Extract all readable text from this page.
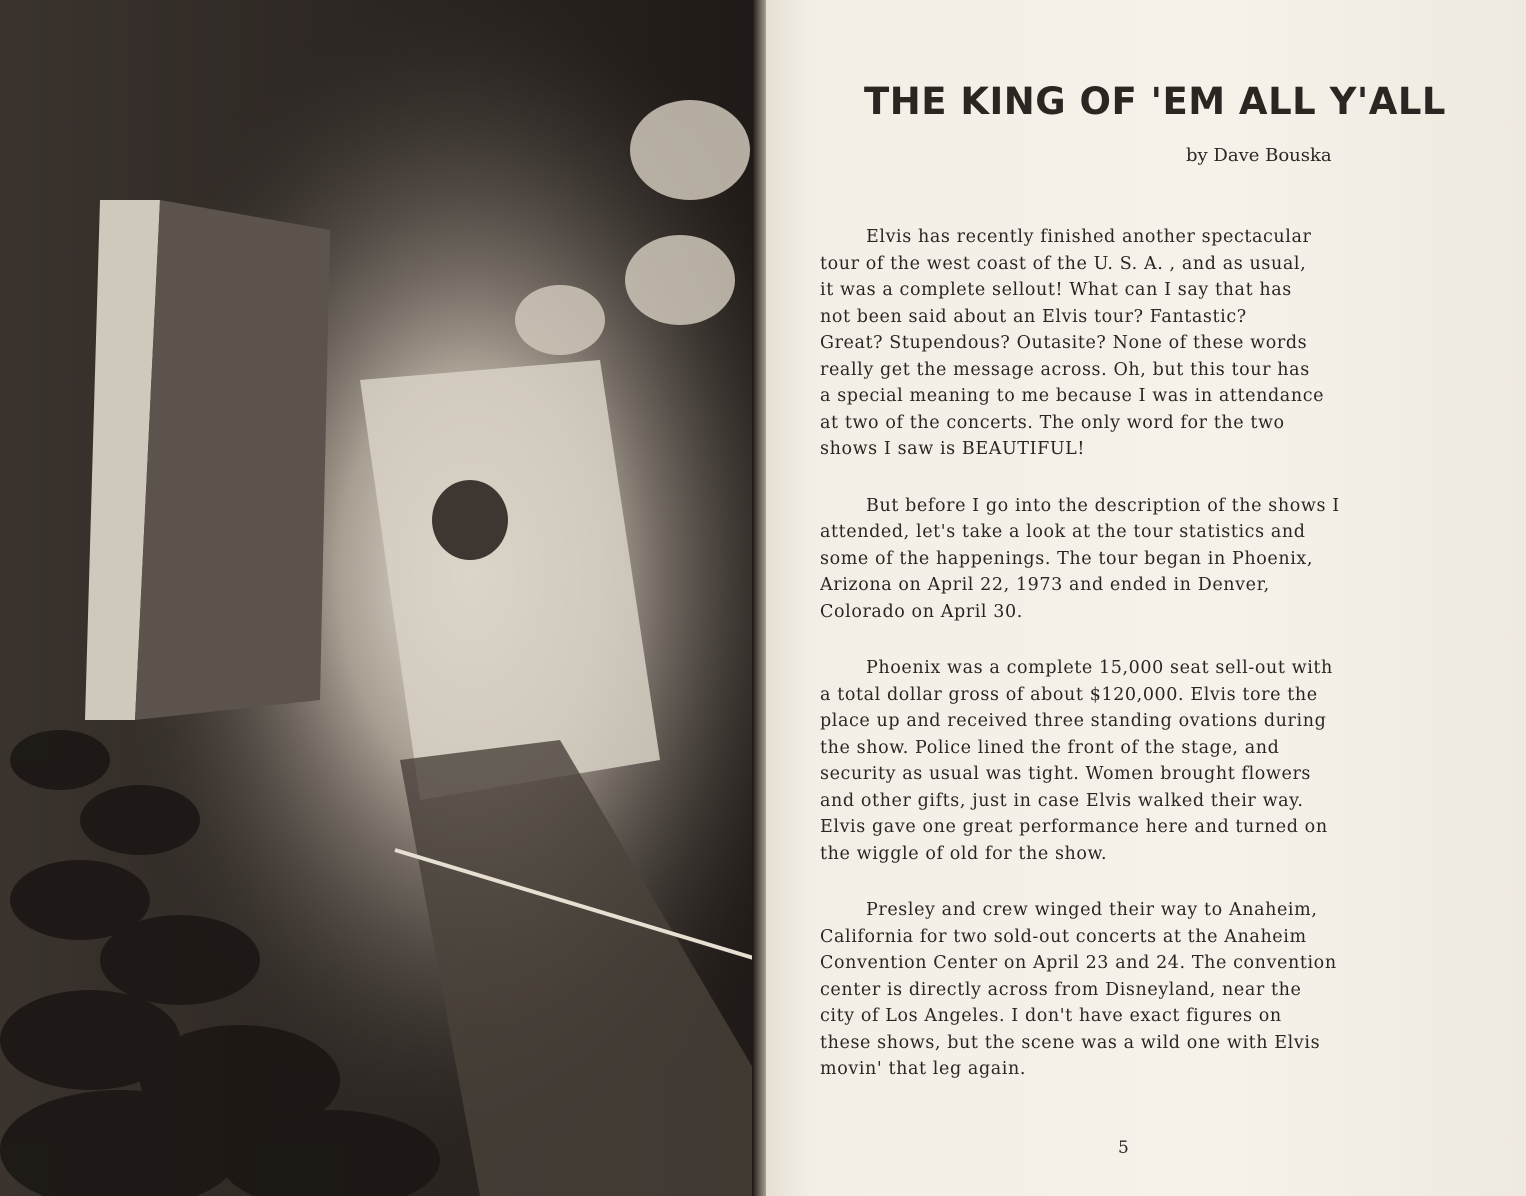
THE KING OF 'EM ALL Y'ALL
by Dave Bouska

Elvis has recently finished another spectacular
tour of the west coast of the U. S. A. , and as usual,
it was a complete sellout! What can I say that has
not been said about an Elvis tour? Fantastic?
Great? Stupendous? Outasite? None of these words
really get the message across. Oh, but this tour has
a special meaning to me because I was in attendance
at two of the concerts. The only word for the two
shows I saw is BEAUTIFUL!

But before I go into the description of the shows I
attended, let's take a look at the tour statistics and
some of the happenings. The tour began in Phoenix,
Arizona on April 22, 1973 and ended in Denver,
Colorado on April 30.

Phoenix was a complete 15,000 seat sell-out with
a total dollar gross of about $120,000. Elvis tore the
place up and received three standing ovations during
the show. Police lined the front of the stage, and
security as usual was tight. Women brought flowers
and other gifts, just in case Elvis walked their way.
Elvis gave one great performance here and turned on
the wiggle of old for the show.

Presley and crew winged their way to Anaheim,
California for two sold-out concerts at the Anaheim
Convention Center on April 23 and 24. The convention
center is directly across from Disneyland, near the
city of Los Angeles. I don't have exact figures on
these shows, but the scene was a wild one with Elvis
movin' that leg again.

5
